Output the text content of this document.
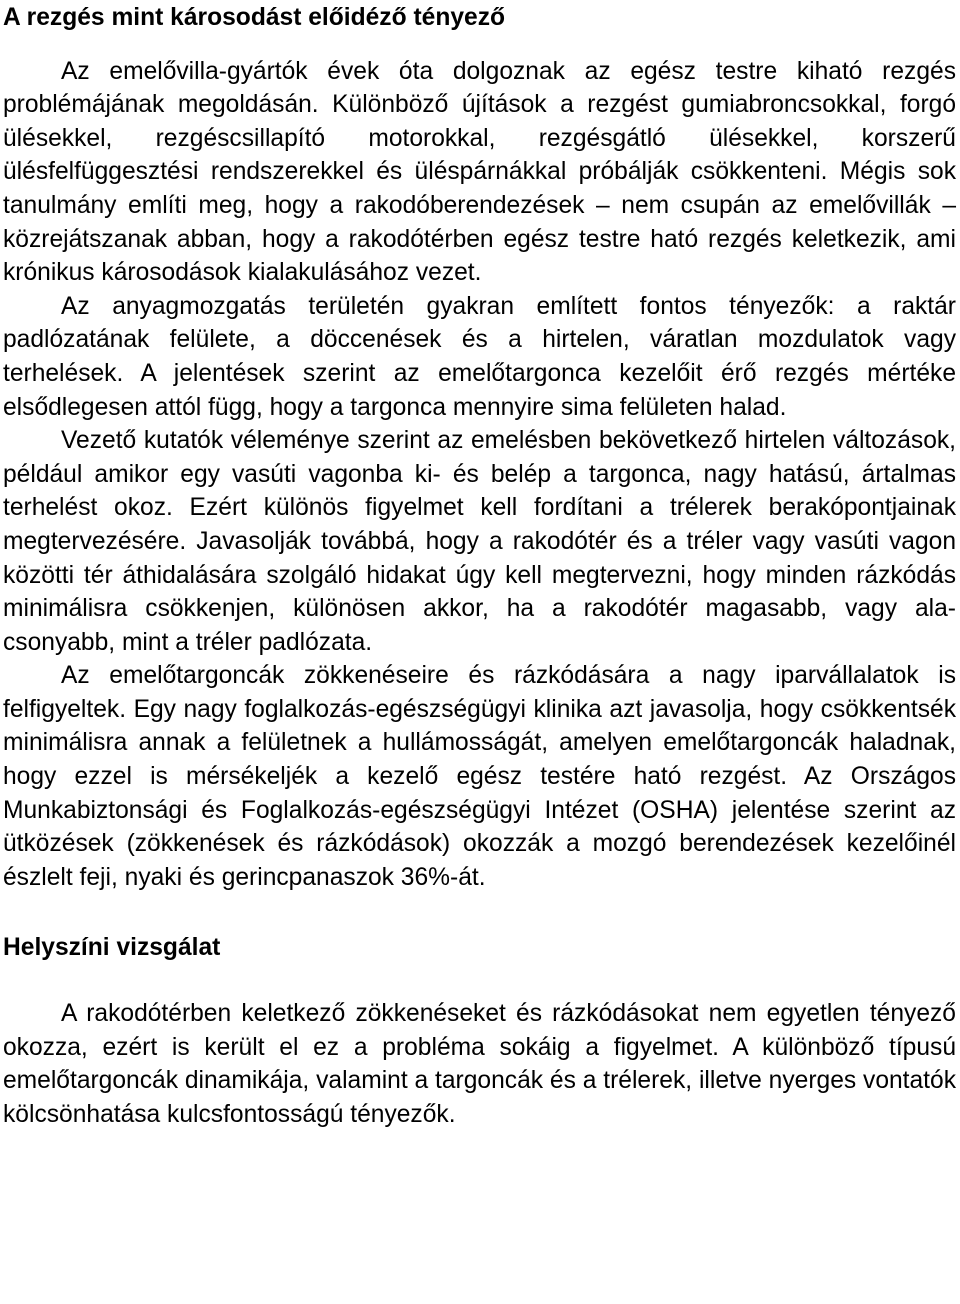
A rezgés mint károsodást előidéző tényező

Az emelővilla-gyártók évek óta dolgoznak az egész testre kiható rezgés problémájának megoldásán. Különböző újítások a rezgést gumiabroncsokkal, forgó ülésekkel, rezgéscsillapító motorokkal, rezgésgátló ülésekkel, korszerű ülésfelfüggesztési rendszerekkel és üléspárnákkal próbálják csökkenteni. Mégis sok tanulmány említi meg, hogy a rakodóberendezések – nem csupán az emelővillák – közrejátszanak abban, hogy a rakodótérben egész testre ható rezgés keletkezik, ami krónikus károsodások kialakulásához vezet.

Az anyagmozgatás területén gyakran említett fontos tényezők: a raktár padlózatának felülete, a döccenések és a hirtelen, váratlan mozdulatok vagy terhelések. A jelentések szerint az emelőtargonca kezelőit érő rezgés mértéke elsődlegesen attól függ, hogy a targonca mennyire sima felületen halad.

Vezető kutatók véleménye szerint az emelésben bekövetkező hirtelen változások, például amikor egy vasúti vagonba ki- és belép a targonca, nagy hatású, ártalmas terhelést okoz. Ezért különös figyelmet kell fordítani a trélerek berakópontjainak megtervezésére. Javasolják továbbá, hogy a rakodótér és a tréler vagy vasúti vagon közötti tér áthidalására szolgáló hidakat úgy kell megtervezni, hogy minden rázkódás minimálisra csökkenjen, különösen akkor, ha a rakodótér magasabb, vagy alacsonyabb, mint a tréler padlózata.

Az emelőtargoncák zökkenéseire és rázkódására a nagy iparvállalatok is felfigyeltek. Egy nagy foglalkozás-egészségügyi klinika azt javasolja, hogy csökkentsék minimálisra annak a felületnek a hullámosságát, amelyen emelőtargoncák haladnak, hogy ezzel is mérsékeljék a kezelő egész testére ható rezgést. Az Országos Munkabiztonsági és Foglalkozás-egészségügyi Intézet (OSHA) jelentése szerint az ütközések (zökkenések és rázkódások) okozzák a mozgó berendezések kezelőinél észlelt feji, nyaki és gerincpanaszok 36%-át.

Helyszíni vizsgálat

A rakodótérben keletkező zökkenéseket és rázkódásokat nem egyetlen tényező okozza, ezért is került el ez a probléma sokáig a figyelmet. A különböző típusú emelőtargoncák dinamikája, valamint a targoncák és a trélerek, illetve nyerges vontatók kölcsönhatása kulcsfontosságú tényezők.
